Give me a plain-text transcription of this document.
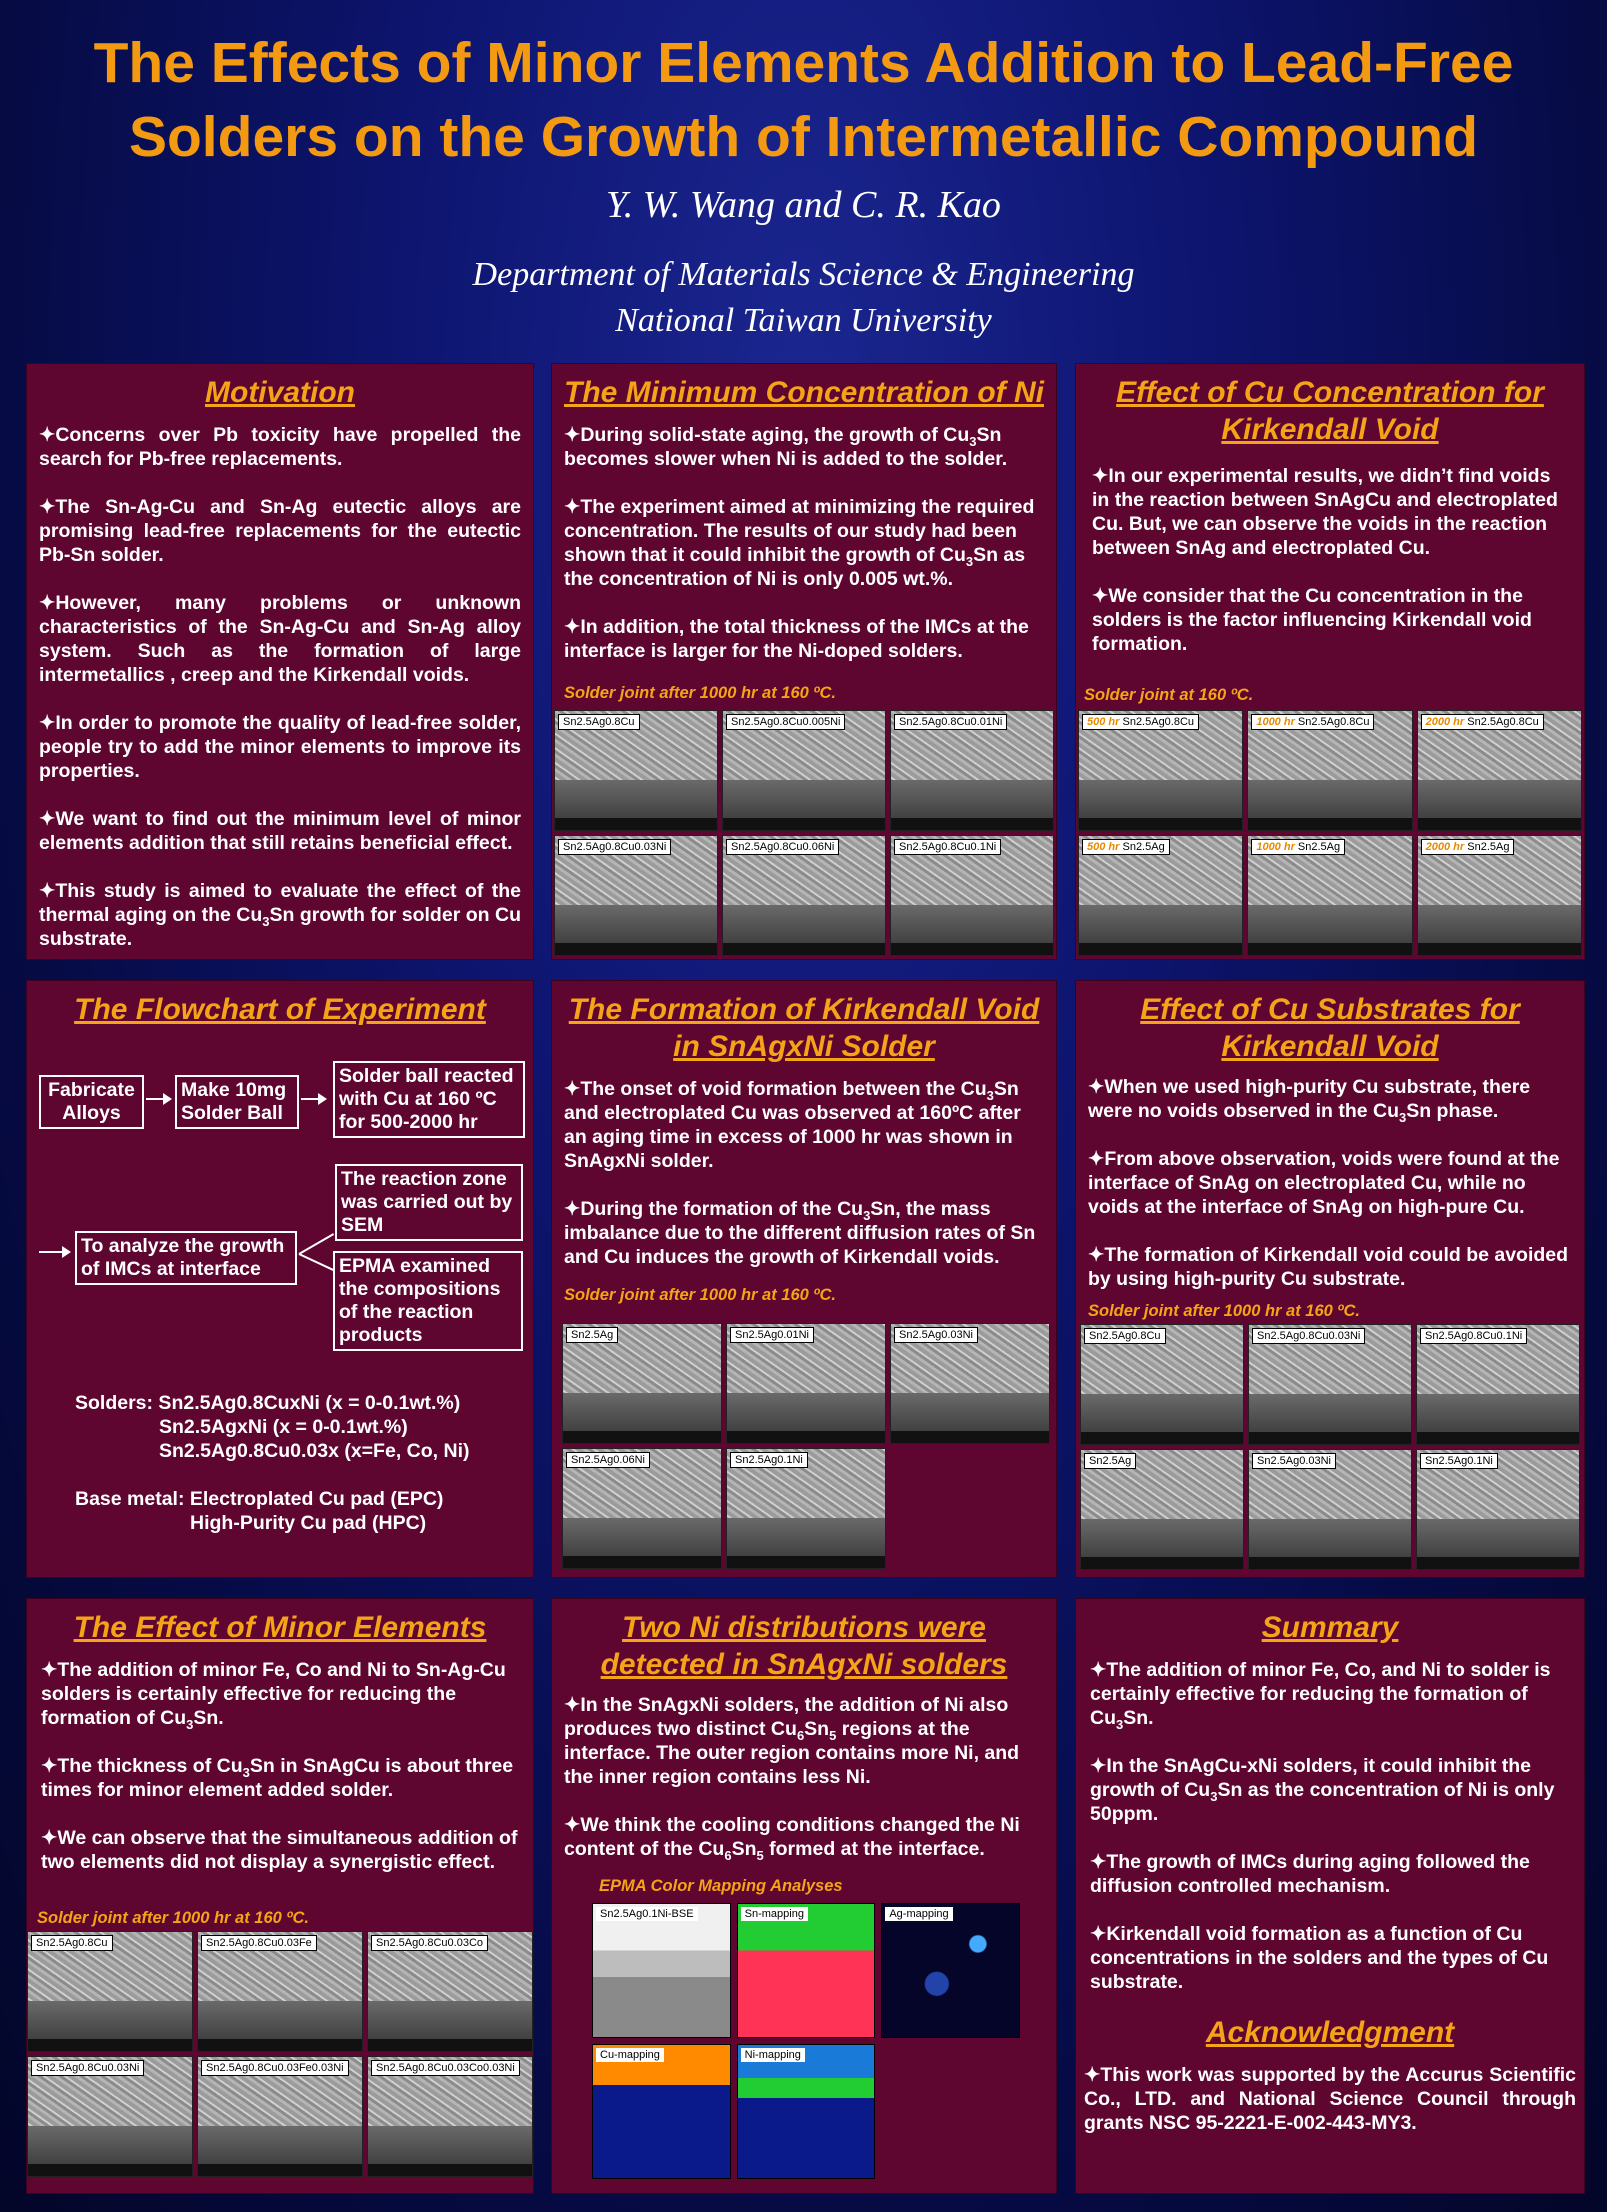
The Effects of Minor Elements Addition to Lead-Free
Solders on the Growth of Intermetallic Compound
Y. W. Wang and C. R. Kao
Department of Materials Science & Engineering
National Taiwan University
Motivation

✦Concerns over Pb toxicity have propelled the search for Pb-free replacements.

✦The Sn-Ag-Cu and Sn-Ag eutectic alloys are promising lead-free replacements for the eutectic Pb-Sn solder.

✦However, many problems or unknown characteristics of the Sn-Ag-Cu and Sn-Ag alloy system. Such as the formation of large intermetallics , creep and the Kirkendall voids.

✦In order to promote the quality of lead-free solder, people try to add the minor elements to improve its properties.

✦We want to find out the minimum level of minor elements addition that still retains beneficial effect.

✦This study is aimed to evaluate the effect of the thermal aging on the $Cu_3Sn$ growth for solder on Cu substrate.

The Minimum Concentration of Ni

✦During solid-state aging, the growth of $Cu_3Sn$ becomes slower when Ni is added to the solder.

✦The experiment aimed at minimizing the required concentration. The results of our study had been shown that it could inhibit the growth of $Cu_3Sn$ as the concentration of Ni is only 0.005 wt.%.

✦In addition, the total thickness of the IMCs at the interface is larger for the Ni-doped solders.

Solder joint after 1000 hr at 160 ºC.
Sn2.5Ag0.8Cu	Sn2.5Ag0.8Cu0.005Ni	Sn2.5Ag0.8Cu0.01Ni
Sn2.5Ag0.8Cu0.03Ni	Sn2.5Ag0.8Cu0.06Ni	Sn2.5Ag0.8Cu0.1Ni
Effect of Cu Concentration for
Kirkendall Void

✦In our experimental results, we didn’t find voids in the reaction between SnAgCu and electroplated Cu. But, we can observe the voids in the reaction between SnAg and electroplated Cu.

✦We consider that the Cu concentration in the solders is the factor influencing Kirkendall void formation.

Solder joint at 160 ºC.
500 hr Sn2.5Ag0.8Cu	1000 hr Sn2.5Ag0.8Cu	2000 hr Sn2.5Ag0.8Cu
500 hr Sn2.5Ag	1000 hr Sn2.5Ag	2000 hr Sn2.5Ag
The Flowchart of Experiment
Fabricate Alloys
Make 10mg Solder Ball
Solder ball reacted with Cu at 160 ºC for 500-2000 hr
To analyze the growth of IMCs at interface
The reaction zone was carried out by SEM
EPMA examined the compositions of the reaction products
Solders: Sn2.5Ag0.8CuxNi (x = 0-0.1wt.%)
Sn2.5AgxNi (x = 0-0.1wt.%)
Sn2.5Ag0.8Cu0.03x (x=Fe, Co, Ni)
Base metal: Electroplated Cu pad (EPC)
High-Purity Cu pad (HPC)
The Formation of Kirkendall Void
in SnAgxNi Solder

✦The onset of void formation between the $Cu_3Sn$ and electroplated Cu was observed at 160ºC after an aging time in excess of 1000 hr was shown in SnAgxNi solder.

✦During the formation of the $Cu_3Sn$, the mass imbalance due to the different diffusion rates of Sn and Cu induces the growth of Kirkendall voids.

Solder joint after 1000 hr at 160 ºC.
Sn2.5Ag	Sn2.5Ag0.01Ni	Sn2.5Ag0.03Ni
Sn2.5Ag0.06Ni	Sn2.5Ag0.1Ni
Effect of Cu Substrates for
Kirkendall Void

✦When we used high-purity Cu substrate, there were no voids observed in the $Cu_3Sn$ phase.

✦From above observation, voids were found at the interface of SnAg on electroplated Cu, while no voids at the interface of SnAg on high-pure Cu.

✦The formation of Kirkendall void could be avoided by using high-purity Cu substrate.

Solder joint after 1000 hr at 160 ºC.
Sn2.5Ag0.8Cu	Sn2.5Ag0.8Cu0.03Ni	Sn2.5Ag0.8Cu0.1Ni
Sn2.5Ag	Sn2.5Ag0.03Ni	Sn2.5Ag0.1Ni
The Effect of Minor Elements

✦The addition of minor Fe, Co and Ni to Sn-Ag-Cu solders is certainly effective for reducing the formation of $Cu_3Sn$.

✦The thickness of $Cu_3Sn$ in SnAgCu is about three times for minor element added solder.

✦We can observe that the simultaneous addition of two elements did not display a synergistic effect.

Solder joint after 1000 hr at 160 ºC.
Sn2.5Ag0.8Cu	Sn2.5Ag0.8Cu0.03Fe	Sn2.5Ag0.8Cu0.03Co
Sn2.5Ag0.8Cu0.03Ni	Sn2.5Ag0.8Cu0.03Fe0.03Ni	Sn2.5Ag0.8Cu0.03Co0.03Ni
Two Ni distributions were
detected in SnAgxNi solders

✦In the SnAgxNi solders, the addition of Ni also produces two distinct $Cu_6Sn_5$ regions at the interface. The outer region contains more Ni, and the inner region contains less Ni.

✦We think the cooling conditions changed the Ni content of the $Cu_6Sn_5$ formed at the interface.

EPMA Color Mapping Analyses
Sn2.5Ag0.1Ni-BSE	Sn-mapping	Ag-mapping
Cu-mapping	Ni-mapping
Summary

✦The addition of minor Fe, Co, and Ni to solder is certainly effective for reducing the formation of $Cu_3Sn$.

✦In the SnAgCu-xNi solders, it could inhibit the growth of $Cu_3Sn$ as the concentration of Ni is only 50ppm.

✦The growth of IMCs during aging followed the diffusion controlled mechanism.

✦Kirkendall void formation as a function of Cu concentrations in the solders and the types of Cu substrate.

Acknowledgment
✦This work was supported by the Accurus Scientific Co., LTD. and National Science Council through grants NSC 95-2221-E-002-443-MY3.
